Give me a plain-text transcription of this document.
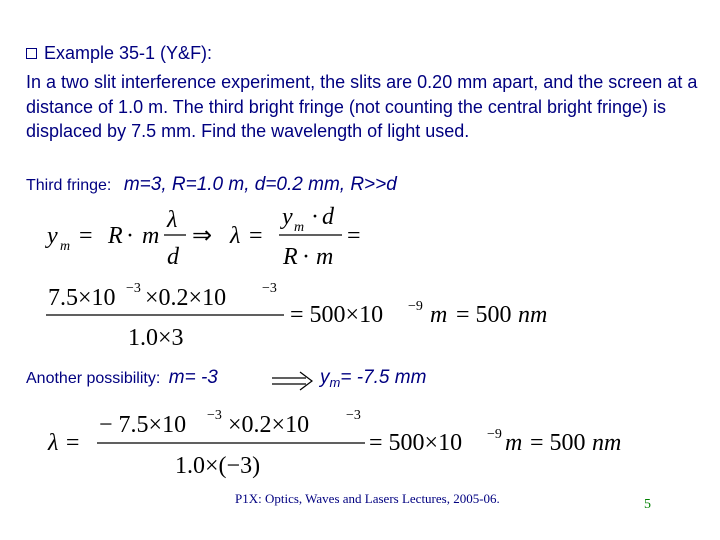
Example 35-1 (Y&F):
In a two slit interference experiment, the slits are 0.20 mm apart, and the screen at a distance of 1.0 m. The third bright fringe (not counting the central bright fringe) is displaced by 7.5 mm. Find the wavelength of light used.
Third fringe: m=3, R=1.0 m, d=0.2 mm, R>>d
Another possibility: m= -3	$y_m= -7.5$ mm
y m = R · m
λ
d
⇒ λ =
y m · d
R · m
=
7.5×10 −3 ×0.2×10	−3
1.0×3
= 500×10 −9 m = 500 nm
λ =
− 7.5×10 −3 ×0.2×10	−3
1.0×(−3)
= 500×10 −9 m = 500 nm
P1X: Optics, Waves and Lasers Lectures, 2005-06.	5
